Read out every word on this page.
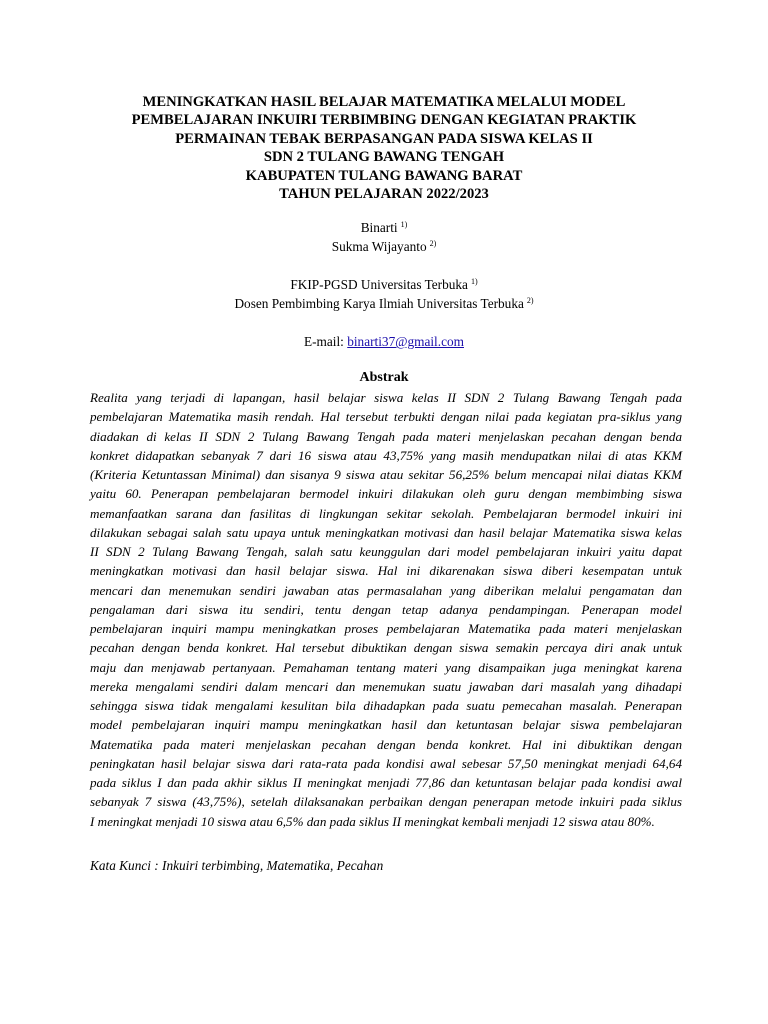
MENINGKATKAN HASIL BELAJAR MATEMATIKA MELALUI MODEL
PEMBELAJARAN INKUIRI TERBIMBING DENGAN KEGIATAN PRAKTIK
PERMAINAN TEBAK BERPASANGAN PADA SISWA KELAS II
SDN 2 TULANG BAWANG TENGAH
KABUPATEN TULANG BAWANG BARAT
TAHUN PELAJARAN 2022/2023
Binarti $^{1)}$
Sukma Wijayanto $^{2)}$
FKIP-PGSD Universitas Terbuka $^{1)}$
Dosen Pembimbing Karya Ilmiah Universitas Terbuka $^{2)}$
E-mail: binarti37@gmail.com
Abstrak
Realita yang terjadi di lapangan, hasil belajar siswa kelas II SDN 2 Tulang Bawang Tengah pada
pembelajaran Matematika masih rendah. Hal tersebut terbukti dengan nilai pada kegiatan pra-siklus yang
diadakan di kelas II SDN 2 Tulang Bawang Tengah pada materi menjelaskan pecahan dengan benda
konkret didapatkan sebanyak 7 dari 16 siswa atau 43,75% yang masih mendupatkan nilai di atas KKM
(Kriteria Ketuntassan Minimal) dan sisanya 9 siswa atau sekitar 56,25% belum mencapai nilai diatas KKM
yaitu 60. Penerapan pembelajaran bermodel inkuiri dilakukan oleh guru dengan membimbing siswa
memanfaatkan sarana dan fasilitas di lingkungan sekitar sekolah. Pembelajaran bermodel inkuiri ini
dilakukan sebagai salah satu upaya untuk meningkatkan motivasi dan hasil belajar Matematika siswa kelas
II SDN 2 Tulang Bawang Tengah, salah satu keunggulan dari model pembelajaran inkuiri yaitu dapat
meningkatkan motivasi dan hasil belajar siswa. Hal ini dikarenakan siswa diberi kesempatan untuk
mencari dan menemukan sendiri jawaban atas permasalahan yang diberikan melalui pengamatan dan
pengalaman dari siswa itu sendiri, tentu dengan tetap adanya pendampingan. Penerapan model
pembelajaran inquiri mampu meningkatkan proses pembelajaran Matematika pada materi menjelaskan
pecahan dengan benda konkret. Hal tersebut dibuktikan dengan siswa semakin percaya diri anak untuk
maju dan menjawab pertanyaan. Pemahaman tentang materi yang disampaikan juga meningkat karena
mereka mengalami sendiri dalam mencari dan menemukan suatu jawaban dari masalah yang dihadapi
sehingga siswa tidak mengalami kesulitan bila dihadapkan pada suatu pemecahan masalah. Penerapan
model pembelajaran inquiri mampu meningkatkan hasil dan ketuntasan belajar siswa pembelajaran
Matematika pada materi menjelaskan pecahan dengan benda konkret. Hal ini dibuktikan dengan
peningkatan hasil belajar siswa dari rata-rata pada kondisi awal sebesar 57,50 meningkat menjadi 64,64
pada siklus I dan pada akhir siklus II meningkat menjadi 77,86 dan ketuntasan belajar pada kondisi awal
sebanyak 7 siswa (43,75%), setelah dilaksanakan perbaikan dengan penerapan metode inkuiri pada siklus
I meningkat menjadi 10 siswa atau 6,5% dan pada siklus II meningkat kembali menjadi 12 siswa atau 80%.
Kata Kunci : Inkuiri terbimbing, Matematika, Pecahan
